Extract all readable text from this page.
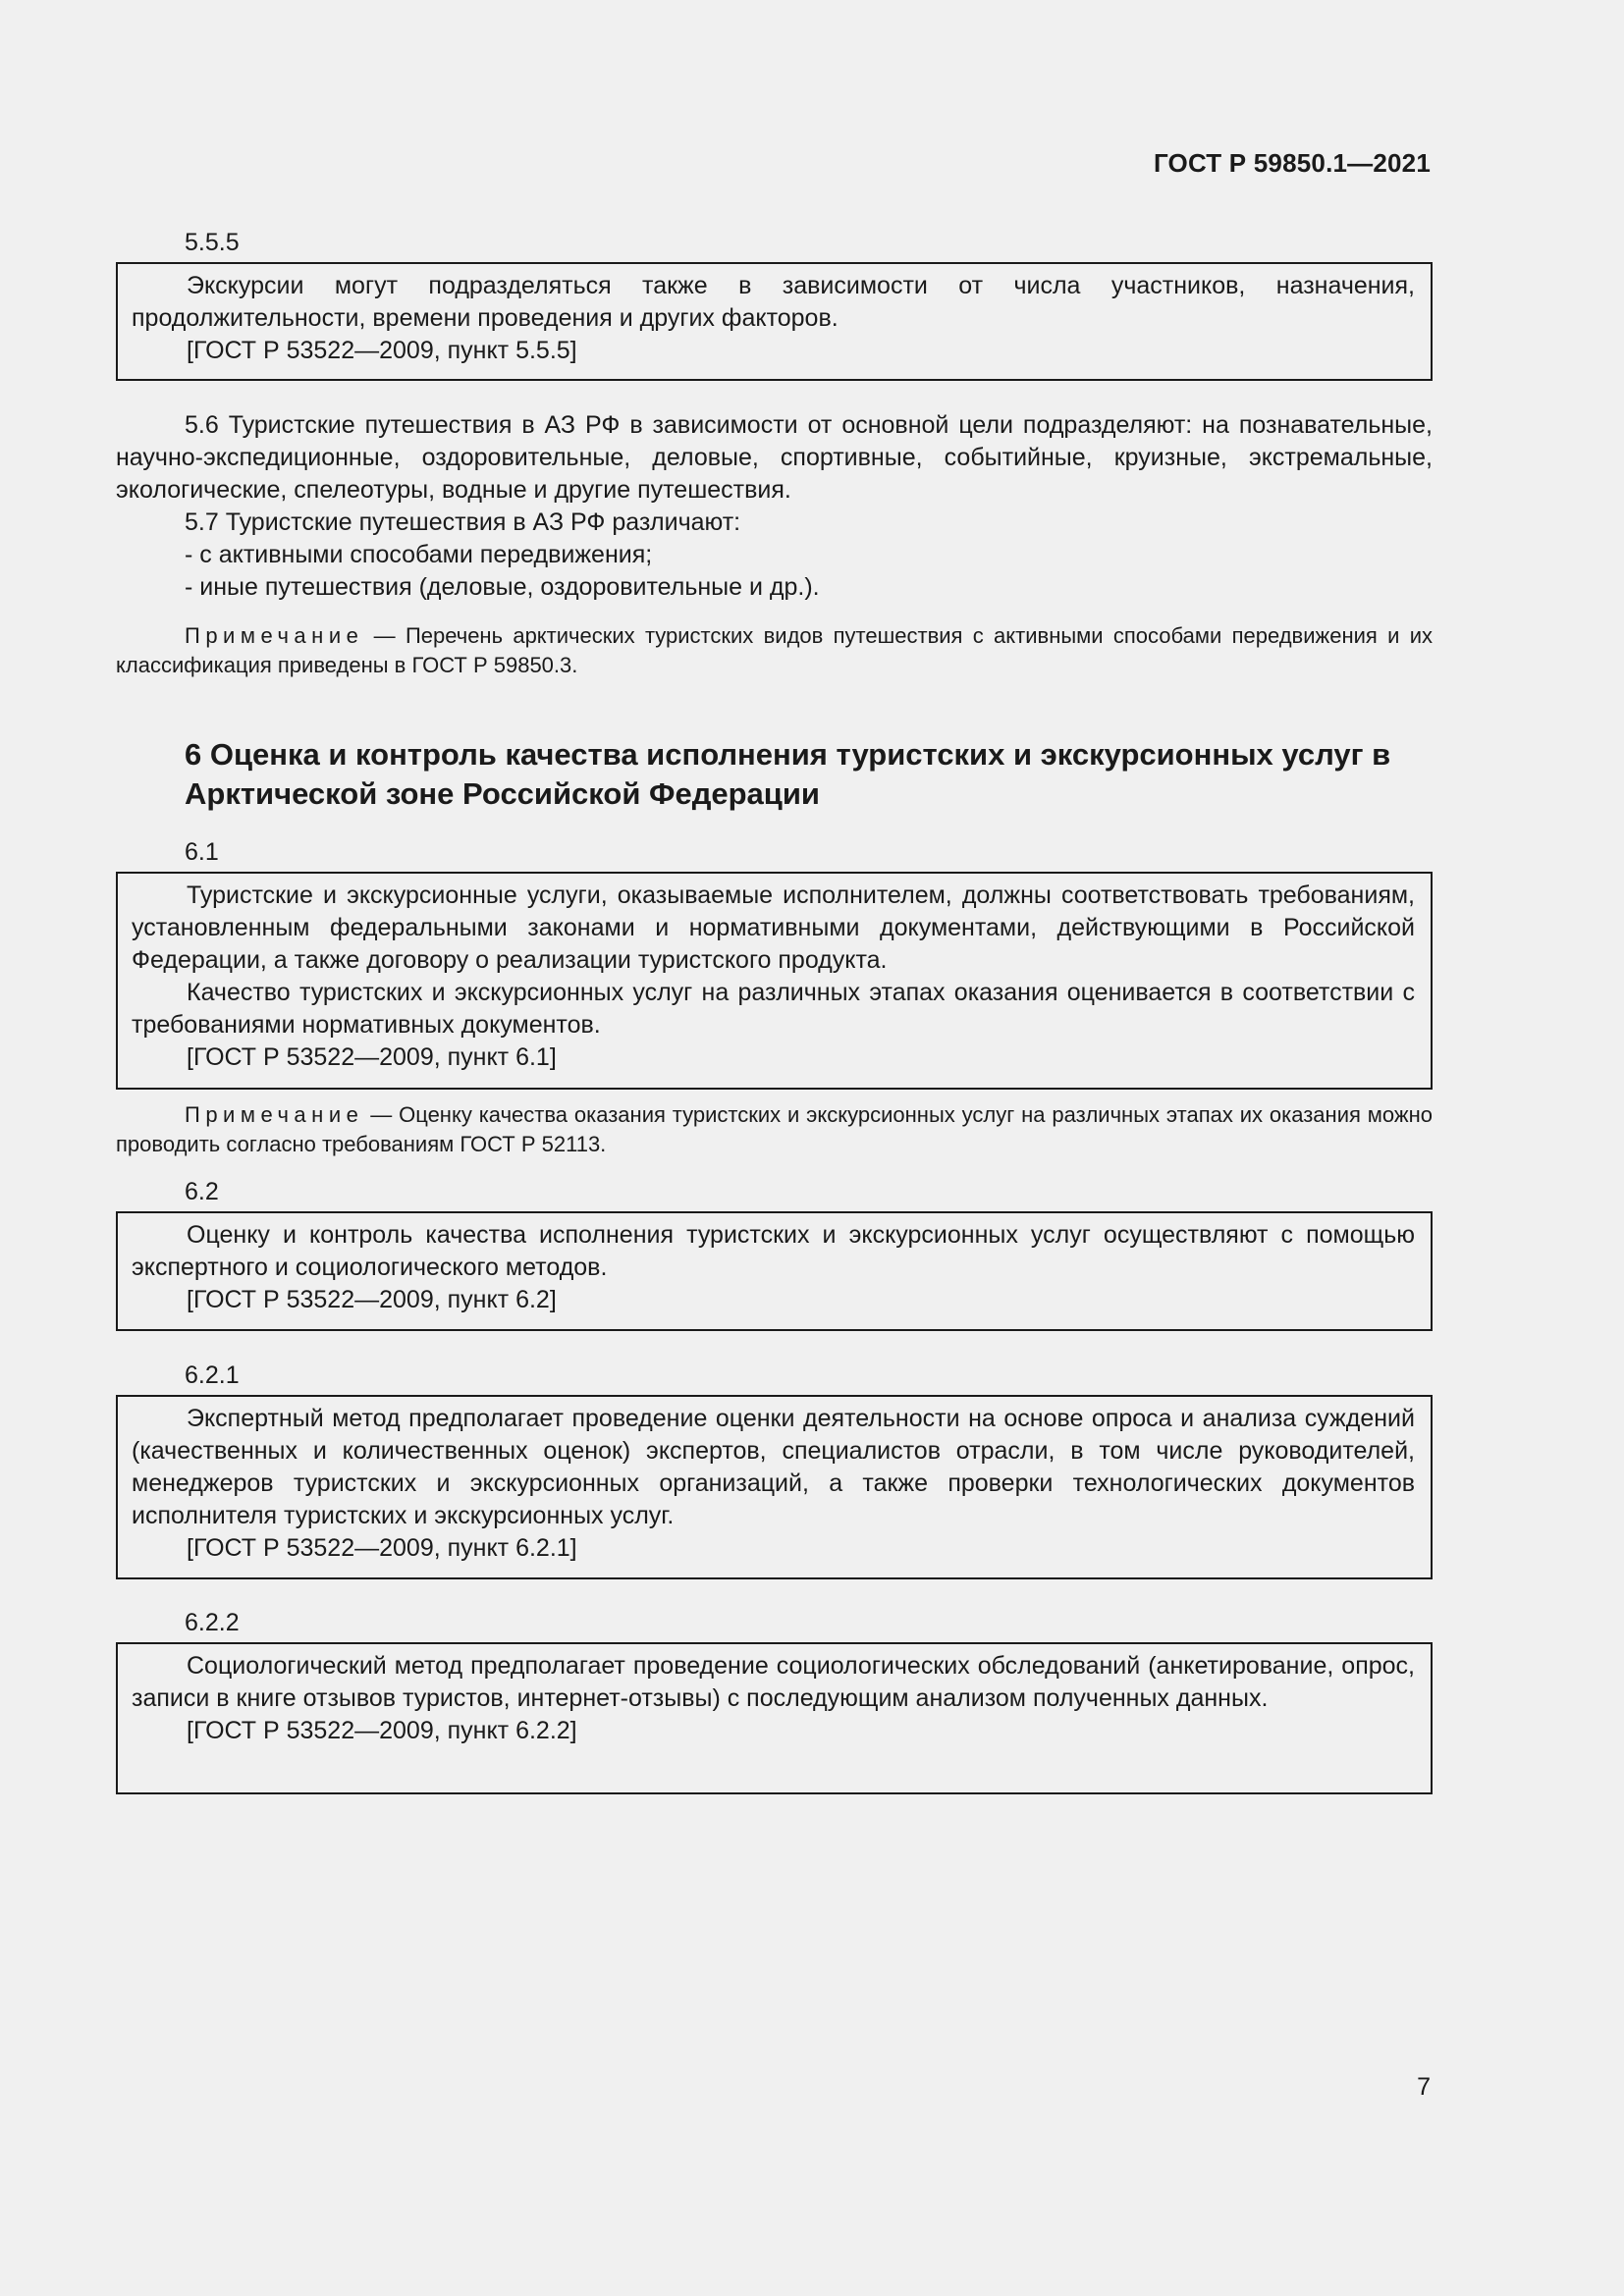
ГОСТ Р 59850.1—2021
5.5.5

Экскурсии могут подразделяться также в зависимости от числа участников, назначения, продолжительности, времени проведения и других факторов.

[ГОСТ Р 53522—2009, пункт 5.5.5]

5.6 Туристские путешествия в АЗ РФ в зависимости от основной цели подразделяют: на познавательные, научно-экспедиционные, оздоровительные, деловые, спортивные, событийные, круизные, экстремальные, экологические, спелеотуры, водные и другие путешествия.

5.7 Туристские путешествия в АЗ РФ различают:

- с активными способами передвижения;

- иные путешествия (деловые, оздоровительные и др.).

Примечание — Перечень арктических туристских видов путешествия с активными способами передвижения и их классификация приведены в ГОСТ Р 59850.3.
6 Оценка и контроль качества исполнения туристских и экскурсионных услуг в Арктической зоне Российской Федерации
6.1

Туристские и экскурсионные услуги, оказываемые исполнителем, должны соответствовать требованиям, установленным федеральными законами и нормативными документами, действующими в Российской Федерации, а также договору о реализации туристского продукта.

Качество туристских и экскурсионных услуг на различных этапах оказания оценивается в соответствии с требованиями нормативных документов.

[ГОСТ Р 53522—2009, пункт 6.1]

Примечание — Оценку качества оказания туристских и экскурсионных услуг на различных этапах их оказания можно проводить согласно требованиям ГОСТ Р 52113.
6.2

Оценку и контроль качества исполнения туристских и экскурсионных услуг осуществляют с помощью экспертного и социологического методов.

[ГОСТ Р 53522—2009, пункт 6.2]

6.2.1

Экспертный метод предполагает проведение оценки деятельности на основе опроса и анализа суждений (качественных и количественных оценок) экспертов, специалистов отрасли, в том числе руководителей, менеджеров туристских и экскурсионных организаций, а также проверки технологических документов исполнителя туристских и экскурсионных услуг.

[ГОСТ Р 53522—2009, пункт 6.2.1]

6.2.2

Социологический метод предполагает проведение социологических обследований (анкетирование, опрос, записи в книге отзывов туристов, интернет-отзывы) с последующим анализом полученных данных.

[ГОСТ Р 53522—2009, пункт 6.2.2]

7
